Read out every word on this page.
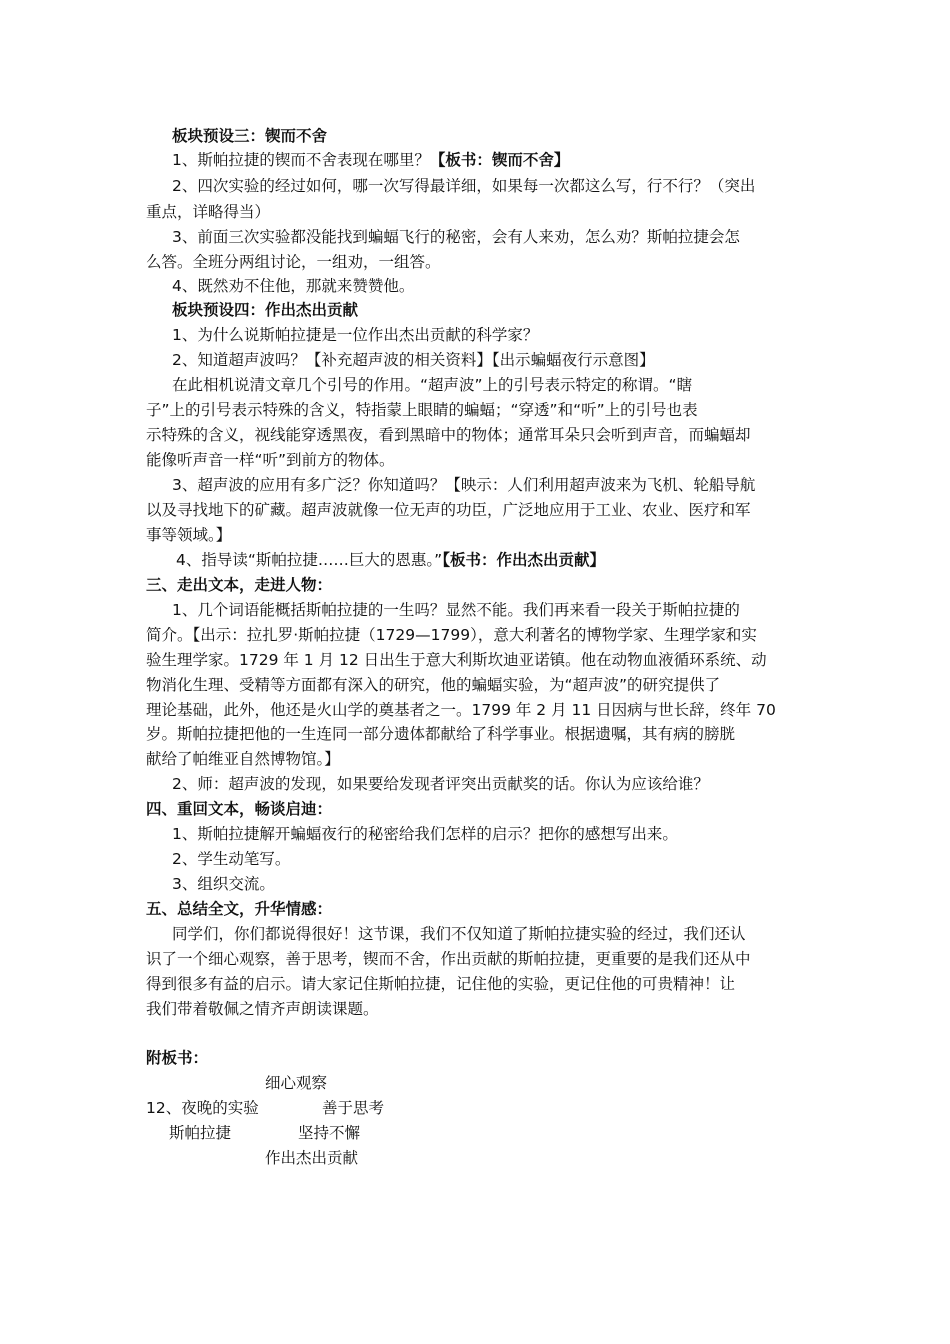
板块预设三：锲而不舍
1、斯帕拉捷的锲而不舍表现在哪里？【板书：锲而不舍】
2、四次实验的经过如何，哪一次写得最详细，如果每一次都这么写，行不行？（突出
重点，详略得当）
3、前面三次实验都没能找到蝙蝠飞行的秘密，会有人来劝，怎么劝？斯帕拉捷会怎
么答。全班分两组讨论，一组劝，一组答。
4、既然劝不住他，那就来赞赞他。
板块预设四：作出杰出贡献
1、为什么说斯帕拉捷是一位作出杰出贡献的科学家？
2、知道超声波吗？【补充超声波的相关资料】【出示蝙蝠夜行示意图】
在此相机说清文章几个引号的作用。“超声波”上的引号表示特定的称谓。“瞎
子”上的引号表示特殊的含义，特指蒙上眼睛的蝙蝠；“穿透”和“听”上的引号也表
示特殊的含义，视线能穿透黑夜，看到黑暗中的物体；通常耳朵只会听到声音，而蝙蝠却
能像听声音一样“听”到前方的物体。
3、超声波的应用有多广泛？你知道吗？【映示：人们利用超声波来为飞机、轮船导航
以及寻找地下的矿藏。超声波就像一位无声的功臣，广泛地应用于工业、农业、医疗和军
事等领域。】
4、指导读“斯帕拉捷……巨大的恩惠。”【板书：作出杰出贡献】
三、走出文本，走进人物：
1、几个词语能概括斯帕拉捷的一生吗？显然不能。我们再来看一段关于斯帕拉捷的
简介。【出示：拉扎罗·斯帕拉捷（1729—1799），意大利著名的博物学家、生理学家和实
验生理学家。1729 年 1 月 12 日出生于意大利斯坎迪亚诺镇。他在动物血液循环系统、动
物消化生理、受精等方面都有深入的研究，他的蝙蝠实验，为“超声波”的研究提供了
理论基础，此外，他还是火山学的奠基者之一。1799 年 2 月 11 日因病与世长辞，终年 70
岁。斯帕拉捷把他的一生连同一部分遗体都献给了科学事业。根据遗嘱，其有病的膀胱
献给了帕维亚自然博物馆。】
2、师：超声波的发现，如果要给发现者评突出贡献奖的话。你认为应该给谁？
四、重回文本，畅谈启迪：
1、斯帕拉捷解开蝙蝠夜行的秘密给我们怎样的启示？把你的感想写出来。
2、学生动笔写。
3、组织交流。
五、总结全文，升华情感：
同学们，你们都说得很好！这节课，我们不仅知道了斯帕拉捷实验的经过，我们还认
识了一个细心观察，善于思考，锲而不舍，作出贡献的斯帕拉捷，更重要的是我们还从中
得到很多有益的启示。请大家记住斯帕拉捷，记住他的实验，更记住他的可贵精神！让
我们带着敬佩之情齐声朗读课题。
附板书：
细心观察
12、夜晚的实验	善于思考
斯帕拉捷	坚持不懈
作出杰出贡献
